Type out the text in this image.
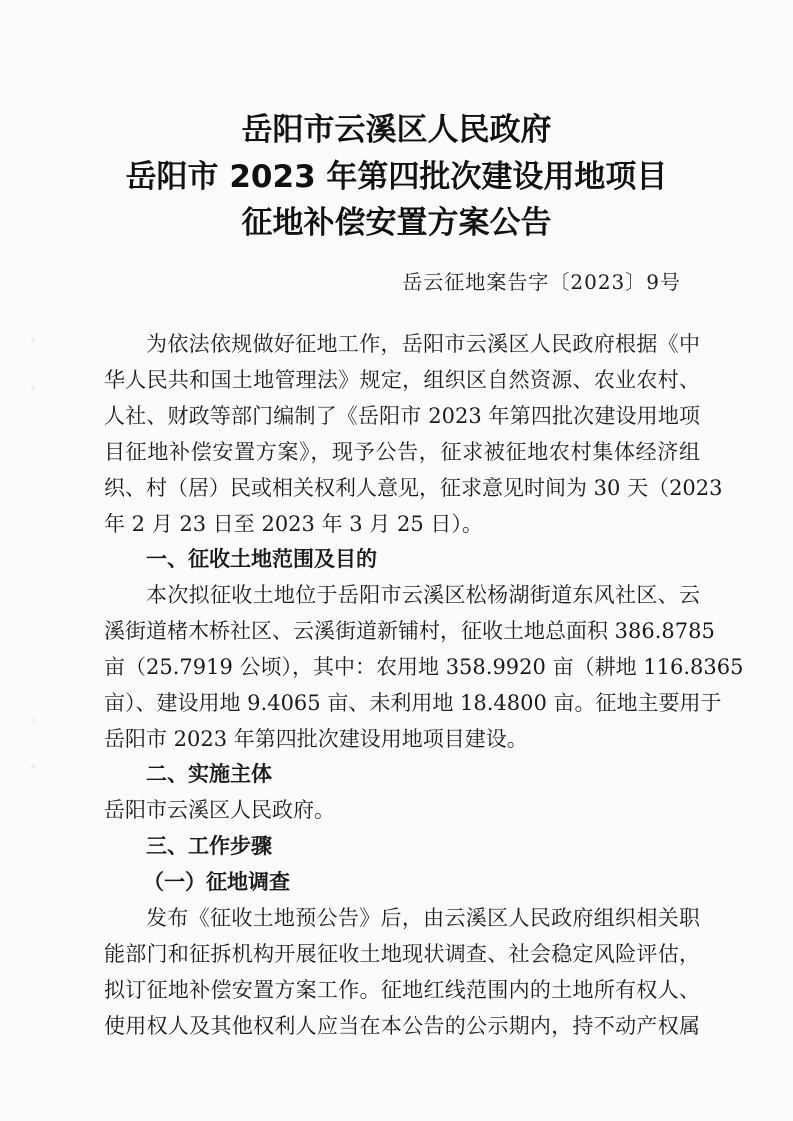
岳阳市云溪区人民政府
岳阳市 2023 年第四批次建设用地项目
征地补偿安置方案公告
岳云征地案告字〔2023〕9号
为依法依规做好征地工作，岳阳市云溪区人民政府根据《中
华人民共和国土地管理法》规定，组织区自然资源、农业农村、
人社、财政等部门编制了《岳阳市 2023 年第四批次建设用地项
目征地补偿安置方案》，现予公告，征求被征地农村集体经济组
织、村（居）民或相关权利人意见，征求意见时间为 30 天（2023
年 2 月 23 日至 2023 年 3 月 25 日）。
一、征收土地范围及目的
本次拟征收土地位于岳阳市云溪区松杨湖街道东风社区、云
溪街道楮木桥社区、云溪街道新铺村，征收土地总面积 386.8785
亩（25.7919 公顷），其中：农用地 358.9920 亩（耕地 116.8365
亩）、建设用地 9.4065 亩、未利用地 18.4800 亩。征地主要用于
岳阳市 2023 年第四批次建设用地项目建设。
二、实施主体
岳阳市云溪区人民政府。
三、工作步骤
（一）征地调查
发布《征收土地预公告》后，由云溪区人民政府组织相关职
能部门和征拆机构开展征收土地现状调查、社会稳定风险评估，
拟订征地补偿安置方案工作。征地红线范围内的土地所有权人、
使用权人及其他权利人应当在本公告的公示期内，持不动产权属
◦
◦
◦
◦
